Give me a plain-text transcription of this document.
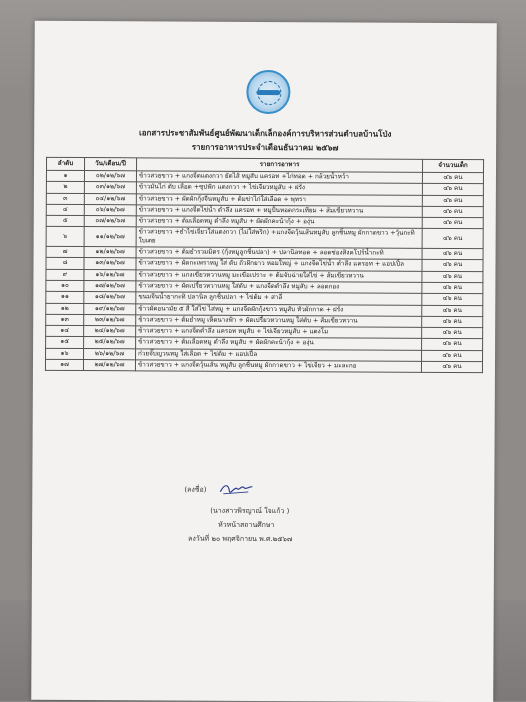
เอกสารประชาสัมพันธ์ศูนย์พัฒนาเด็กเล็กองค์การบริหารส่วนตำบลบ้านโป่ง
รายการอาหารประจำเดือนธันวาคม ๒๕๖๗
ลำดับ	วัน/เดือน/ปี	รายการอาหาร	จำนวนเด็ก
๑	๐๒/๑๒/๖๗	ข้าวสวยขาว + แกงจืดแตงกวา ยัดไส้ หมูสับ แครอท +ไก่ทอด + กล้วยน้ำหว้า	๔๖ คน
๒	๐๓/๑๒/๖๗	ข้าวมันไก่ ตับ เลือด +ซุปฟัก แตงกวา + ไข่เจียวหมูสับ + ฝรั่ง	๔๖ คน
๓	๐๔/๑๒/๖๗	ข้าวสวยขาว + ผัดผักกุ้งจีนหมูสับ + ต้มข่าไก่ใส่เลือด + พุทรา	๔๖ คน
๔	๐๖/๑๒/๖๗	ข้าวสวยขาว + แกงจืดไข่น้ำ ตำลึง แครอท + หมูปั้นทอดกระเทียม + ส้มเขียวหวาน	๔๖ คน
๕	๐๗/๑๒/๖๗	ข้าวสวยขาว + ต้มเลือดหมู ตำลึง หมูสับ + ผัดผักคะน้ากุ้ง + องุ่น	๔๖ คน
๖	๑๑/๑๒/๖๗	ข้าวสวยขาว +ยำไข่เจียวใส่แตงกวา (ไม่ใส่พริก) +แกงจืดวุ้นเส้นหมูสับ ลูกชิ้นหมู ผักกาดขาว +วุ้นกะทิใบเตย	๔๖ คน
๗	๑๒/๑๒/๖๗	ข้าวสวยขาว + ต้มยำรวมมิตร (กุ้งหมูลูกชิ้นปลา) + ปลานิลทอด + ลอดช่องสิงคโปร์น้ำกะทิ	๔๖ คน
๘	๑๓/๑๒/๖๗	ข้าวสวยขาว + ผัดกะเพราหมู ใส่ ตับ ถั่วฝักยาว หอมใหญ่ + แกงจืดไข่น้ำ ตำลึง แครอท + แอปเปิ้ล	๔๖ คน
๙	๑๖/๑๒/๖๗	ข้าวสวยขาว + แกงเขียวหวานหมู มะเขือเปราะ + ต้มจับฉ่ายใส่ไข่ + ส้มเขียวหวาน	๔๖ คน
๑๐	๑๗/๑๒/๖๗	ข้าวสวยขาว + ผัดเปรี้ยวหวานหมู ใส่ตับ + แกงจืดตำลึง หมูสับ + ลอดกอง	๔๖ คน
๑๑	๑๘/๑๒/๖๗	ขนมจีนน้ำยากะทิ ปลานิล ลูกชิ้นปลา + ไข่ต้ม + สาลี่	๔๖ คน
๑๒	๑๙/๑๒/๖๗	ข้าวผัดอนามัย ๕ สี ใส่ไข่ ไส่หมู + แกงจืดผักกุ้งขาว หมูสับ หัวผักกาด + ฝรั่ง	๔๖ คน
๑๓	๒๓/๑๒/๖๗	ข้าวสวยขาว + ต้มยำหมู เห็ดนางฟ้า + ผัดเปรี้ยวหวานหมู ใส่ตับ + ส้มเขียวหวาน	๔๖ คน
๑๔	๒๔/๑๒/๖๗	ข้าวสวยขาว + แกงจืดตำลึง แครอท หมูสับ + ไข่เจียวหมูสับ + แตงโม	๔๖ คน
๑๕	๒๕/๑๒/๖๗	ข้าวสวยขาว + ต้มเลือดหมู ตำลึง หมูสับ + ผัดผักคะน้ากุ้ง + องุ่น	๔๖ คน
๑๖	๒๖/๑๒/๖๗	ก๋วยจั๊บญวนหมู ใส่เลือด + ไข่ต้ม + แอปเปิ้ล	๔๖ คน
๑๗	๒๗/๑๒/๖๗	ข้าวสวยขาว + แกงจืดวุ้นเส้น หมูสับ ลูกชิ้นหมู ผักกาดขาว + ไข่เจียว + มะละกอ	๔๖ คน
(ลงชื่อ)
(นางสาวพิรญาณ์ ใจแก้ว )
หัวหน้าสถานศึกษา
ลงวันที่ ๒๐ พฤศจิกายน พ.ศ.๒๕๖๗
